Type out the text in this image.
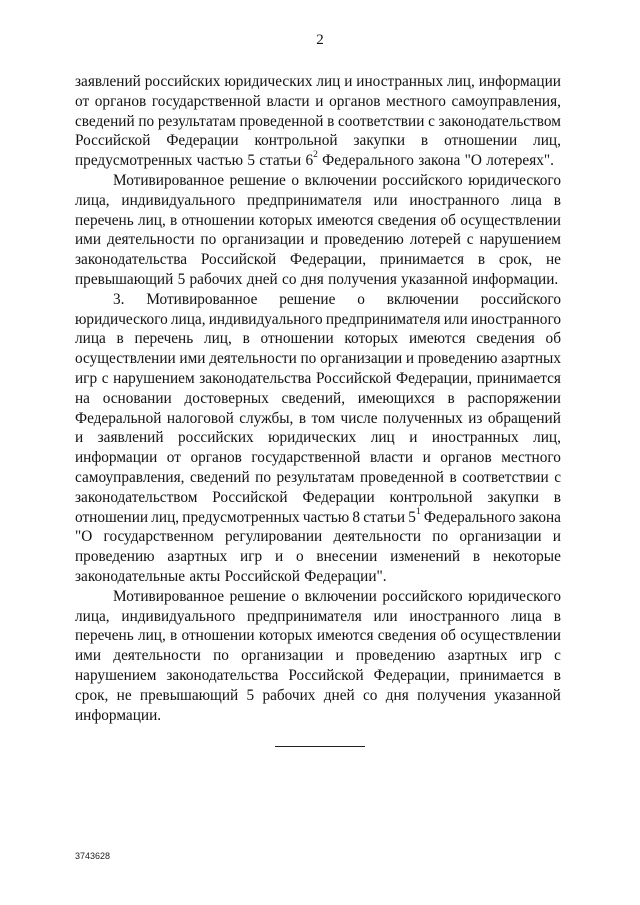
2
заявлений российских юридических лиц и иностранных лиц, информации
от органов государственной власти и органов местного самоуправления,
сведений по результатам проведенной в соответствии с законодательством
Российской Федерации контрольной закупки в отношении лиц,
предусмотренных частью 5 статьи $6^2$ Федерального закона "О лотереях".
Мотивированное решение о включении российского юридического
лица, индивидуального предпринимателя или иностранного лица в
перечень лиц, в отношении которых имеются сведения об осуществлении
ими деятельности по организации и проведению лотерей с нарушением
законодательства Российской Федерации, принимается в срок, не
превышающий 5 рабочих дней со дня получения указанной информации.
3. Мотивированное решение о включении российского
юридического лица, индивидуального предпринимателя или иностранного
лица в перечень лиц, в отношении которых имеются сведения об
осуществлении ими деятельности по организации и проведению азартных
игр с нарушением законодательства Российской Федерации, принимается
на основании достоверных сведений, имеющихся в распоряжении
Федеральной налоговой службы, в том числе полученных из обращений
и заявлений российских юридических лиц и иностранных лиц,
информации от органов государственной власти и органов местного
самоуправления, сведений по результатам проведенной в соответствии с
законодательством Российской Федерации контрольной закупки в
отношении лиц, предусмотренных частью 8 статьи $5^1$ Федерального закона
"О государственном регулировании деятельности по организации и
проведению азартных игр и о внесении изменений в некоторые
законодательные акты Российской Федерации".
Мотивированное решение о включении российского юридического
лица, индивидуального предпринимателя или иностранного лица в
перечень лиц, в отношении которых имеются сведения об осуществлении
ими деятельности по организации и проведению азартных игр с
нарушением законодательства Российской Федерации, принимается в
срок, не превышающий 5 рабочих дней со дня получения указанной
информации.
3743628
